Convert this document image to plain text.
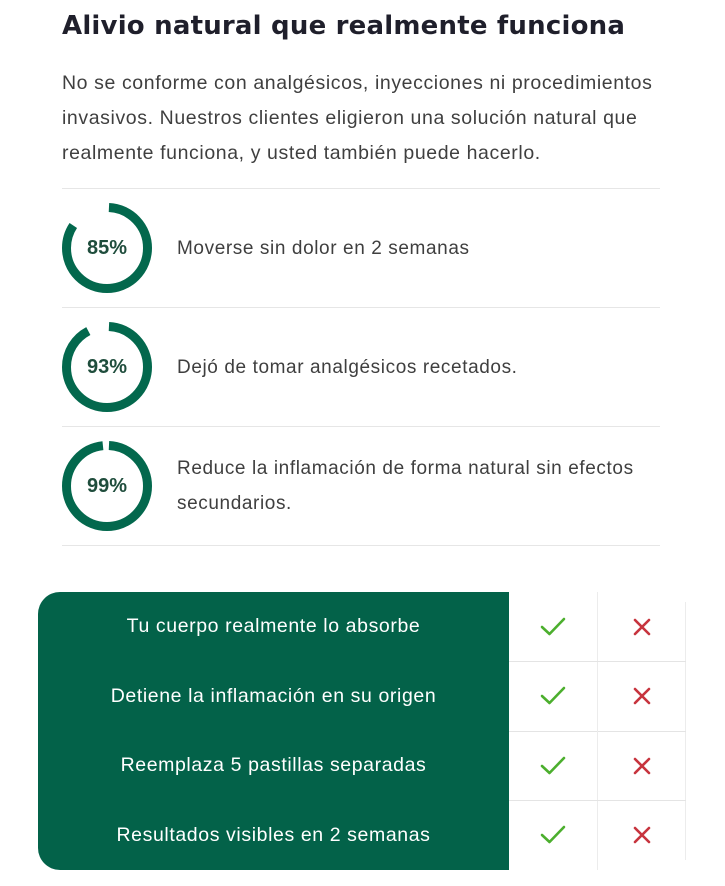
Alivio natural que realmente funciona

No se conforme con analgésicos, inyecciones ni procedimientos invasivos. Nuestros clientes eligieron una solución natural que realmente funciona, y usted también puede hacerlo.

85%	Moverse sin dolor en 2 semanas
93%	Dejó de tomar analgésicos recetados.
99%
Reduce la inflamación de forma natural sin efectos secundarios.
Tu cuerpo realmente lo absorbe
Detiene la inflamación en su origen
Reemplaza 5 pastillas separadas
Resultados visibles en 2 semanas
